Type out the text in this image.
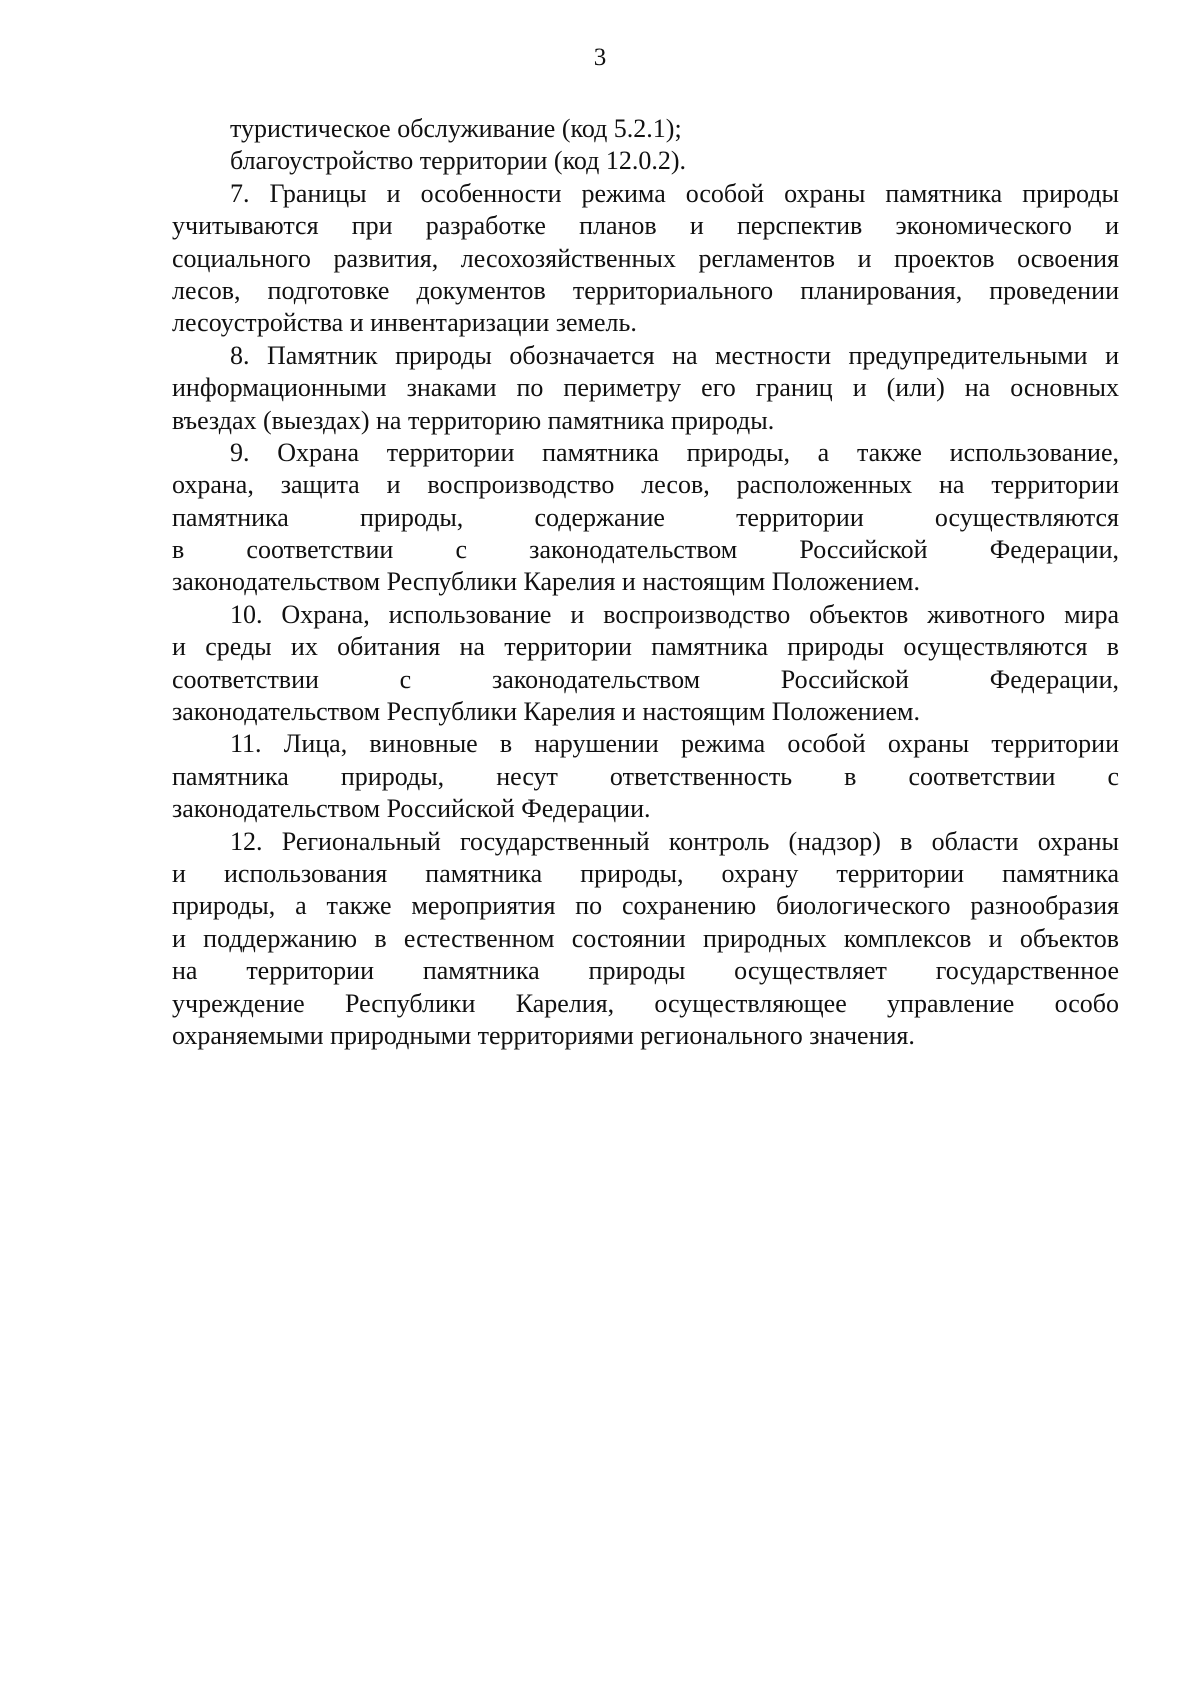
3
туристическое обслуживание (код 5.2.1);
благоустройство территории (код 12.0.2).
7. Границы и особенности режима особой охраны памятника природы
учитываются при разработке планов и перспектив экономического и
социального развития, лесохозяйственных регламентов и проектов освоения
лесов, подготовке документов территориального планирования, проведении
лесоустройства и инвентаризации земель.
8. Памятник природы обозначается на местности предупредительными и
информационными знаками по периметру его границ и (или) на основных
въездах (выездах) на территорию памятника природы.
9. Охрана территории памятника природы, а также использование,
охрана, защита и воспроизводство лесов, расположенных на территории
памятника природы, содержание территории осуществляются
в соответствии с законодательством Российской Федерации,
законодательством Республики Карелия и настоящим Положением.
10. Охрана, использование и воспроизводство объектов животного мира
и среды их обитания на территории памятника природы осуществляются в
соответствии с законодательством Российской Федерации,
законодательством Республики Карелия и настоящим Положением.
11. Лица, виновные в нарушении режима особой охраны территории
памятника природы, несут ответственность в соответствии с
законодательством Российской Федерации.
12. Региональный государственный контроль (надзор) в области охраны
и использования памятника природы, охрану территории памятника
природы, а также мероприятия по сохранению биологического разнообразия
и поддержанию в естественном состоянии природных комплексов и объектов
на территории памятника природы осуществляет государственное
учреждение Республики Карелия, осуществляющее управление особо
охраняемыми природными территориями регионального значения.
